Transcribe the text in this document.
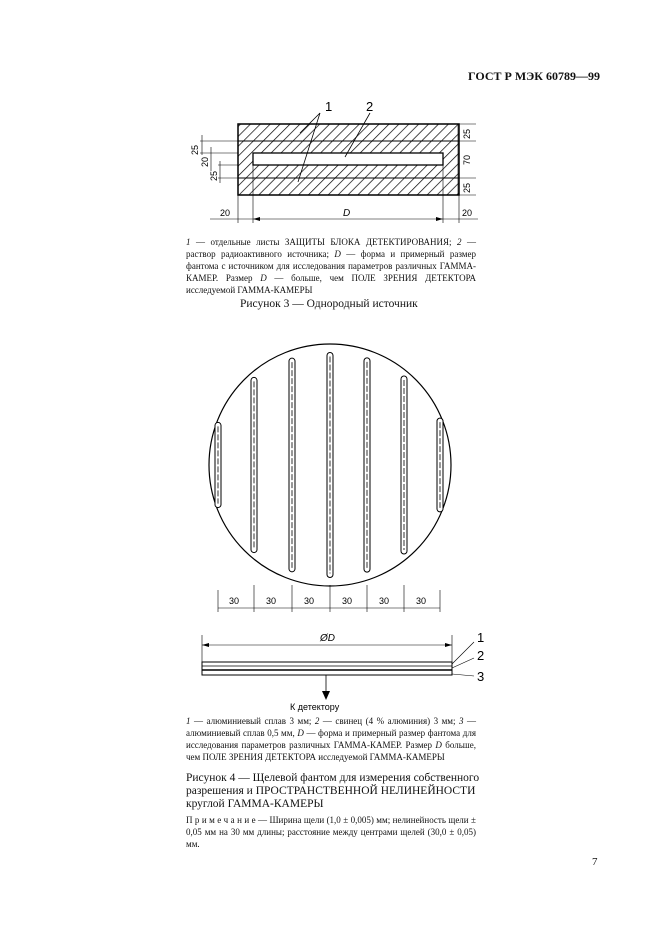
ГОСТ Р МЭК 60789—99
1	2
25
20
25
25
70
25
20	D	20
1 — отдельные листы ЗАЩИТЫ БЛОКА ДЕТЕКТИРОВАНИЯ; 2 — раствор радиоактивного источника; D — форма и примерный размер фантома с источником для исследования параметров различных ГАММА-КАМЕР. Размер D — больше, чем ПОЛЕ ЗРЕНИЯ ДЕТЕКТОРА исследуемой ГАММА-КАМЕРЫ
Рисунок 3 — Однородный источник
30	30	30	30	30	30
ØD	1
2
3
К детектору
1 — алюминиевый сплав 3 мм; 2 — свинец (4 % алюминия) 3 мм; 3 — алюминиевый сплав 0,5 мм, D — форма и примерный размер фантома для исследования параметров различных ГАММА-КАМЕР. Размер D больше, чем ПОЛЕ ЗРЕНИЯ ДЕТЕКТОРА исследуемой ГАММА-КАМЕРЫ
Рисунок 4 — Щелевой фантом для измерения собственного разрешения и ПРОСТРАНСТВЕННОЙ НЕЛИНЕЙНОСТИ круглой ГАММА-КАМЕРЫ
П р и м е ч а н и е — Ширина щели (1,0 ± 0,005) мм; нелинейность щели ± 0,05 мм на 30 мм длины; расстояние между центрами щелей (30,0 ± 0,05) мм.
7
